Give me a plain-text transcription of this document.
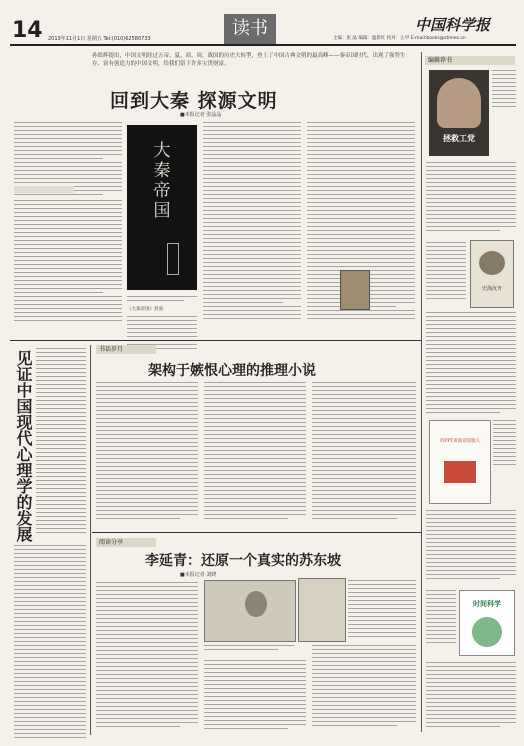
14 2013年11月1日 星期五 Tel:(010)62580733	读书	中国科学报
主编：张 晶 编辑：温新红 校对：么甲 E-mail:books@stimes.cn
孙皓辉提出，中国文明经过五帝、夏、商、周，战国的历史大转型，登上了中国古典文明的最高峰——秦帝国时代，出现了强势生存、富有创造力的中国文明，给我们留下许多宝贵财富。
回到大秦 探源文明
■本报记者 张晶晶
大秦帝国
《大秦帝国》封面
编辑荐书
拯救工党
史海沉舟
用PPT讲演话说服人
时间科学
见证中国现代心理学的发展
书话岁月
架构于嫉恨心理的推理小说
阅读分享
李延青：还原一个真实的苏东坡
■本报记者 刘晓
